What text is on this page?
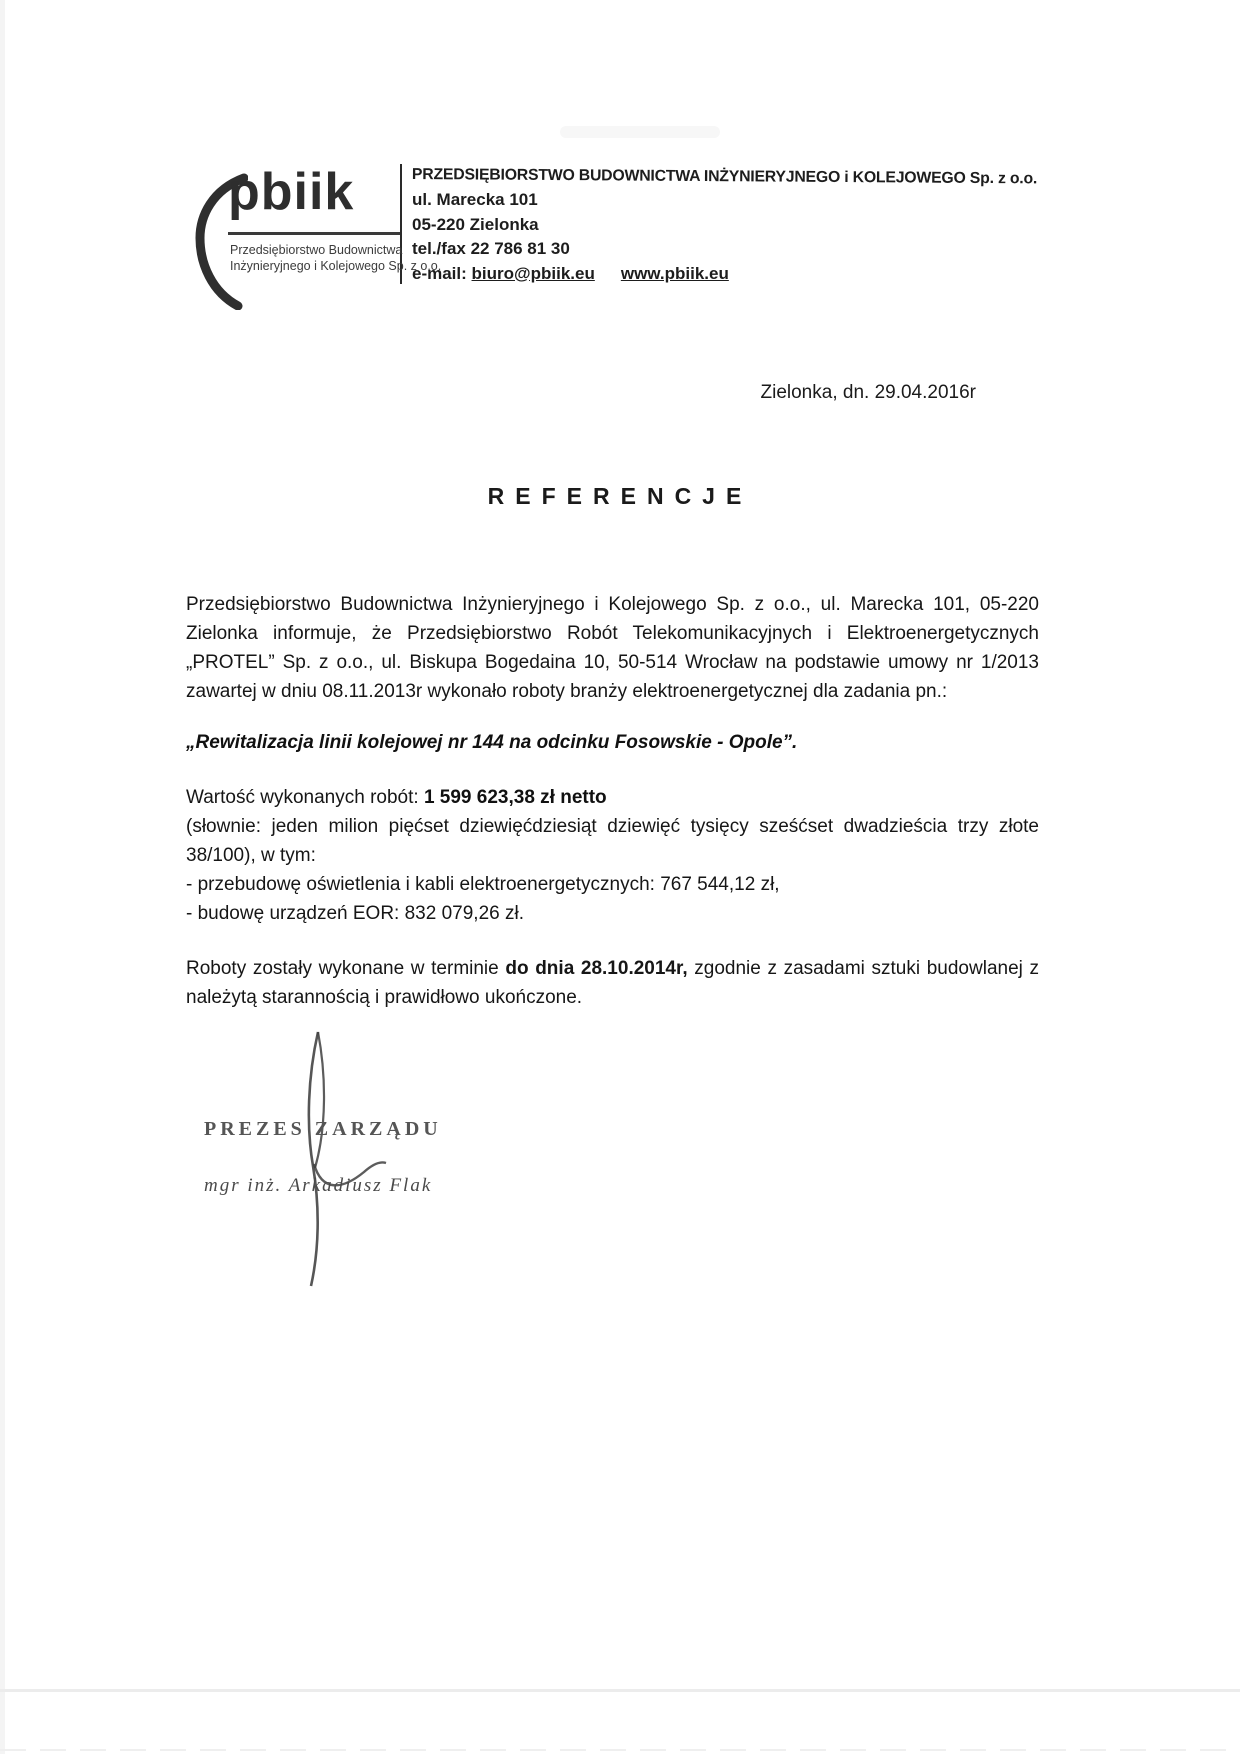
pbiik
Przedsiębiorstwo Budownictwa
Inżynieryjnego i Kolejowego Sp. z o.o.
PRZEDSIĘBIORSTWO BUDOWNICTWA INŻYNIERYJNEGO i KOLEJOWEGO Sp. z o.o.
ul. Marecka 101
05-220 Zielonka
tel./fax 22 786 81 30
e-mail: biuro@pbiik.eu www.pbiik.eu
Zielonka, dn. 29.04.2016r
REFERENCJE

Przedsiębiorstwo Budownictwa Inżynieryjnego i Kolejowego Sp. z o.o., ul. Marecka 101, 05-220 Zielonka informuje, że Przedsiębiorstwo Robót Telekomunikacyjnych i Elektroenergetycznych „PROTEL” Sp. z o.o., ul. Biskupa Bogedaina 10, 50-514 Wrocław na podstawie umowy nr 1/2013 zawartej w dniu 08.11.2013r wykonało roboty branży elektroenergetycznej dla zadania pn.:

„Rewitalizacja linii kolejowej nr 144 na odcinku Fosowskie - Opole”.

Wartość wykonanych robót: 1 599 623,38 zł netto

(słownie: jeden milion pięćset dziewięćdziesiąt dziewięć tysięcy sześćset dwadzieścia trzy złote 38/100), w tym:

- przebudowę oświetlenia i kabli elektroenergetycznych: 767 544,12 zł,

- budowę urządzeń EOR: 832 079,26 zł.

Roboty zostały wykonane w terminie do dnia 28.10.2014r, zgodnie z zasadami sztuki budowlanej z należytą starannością i prawidłowo ukończone.

PREZES ZARZĄDU
mgr inż. Arkadiusz Flak
